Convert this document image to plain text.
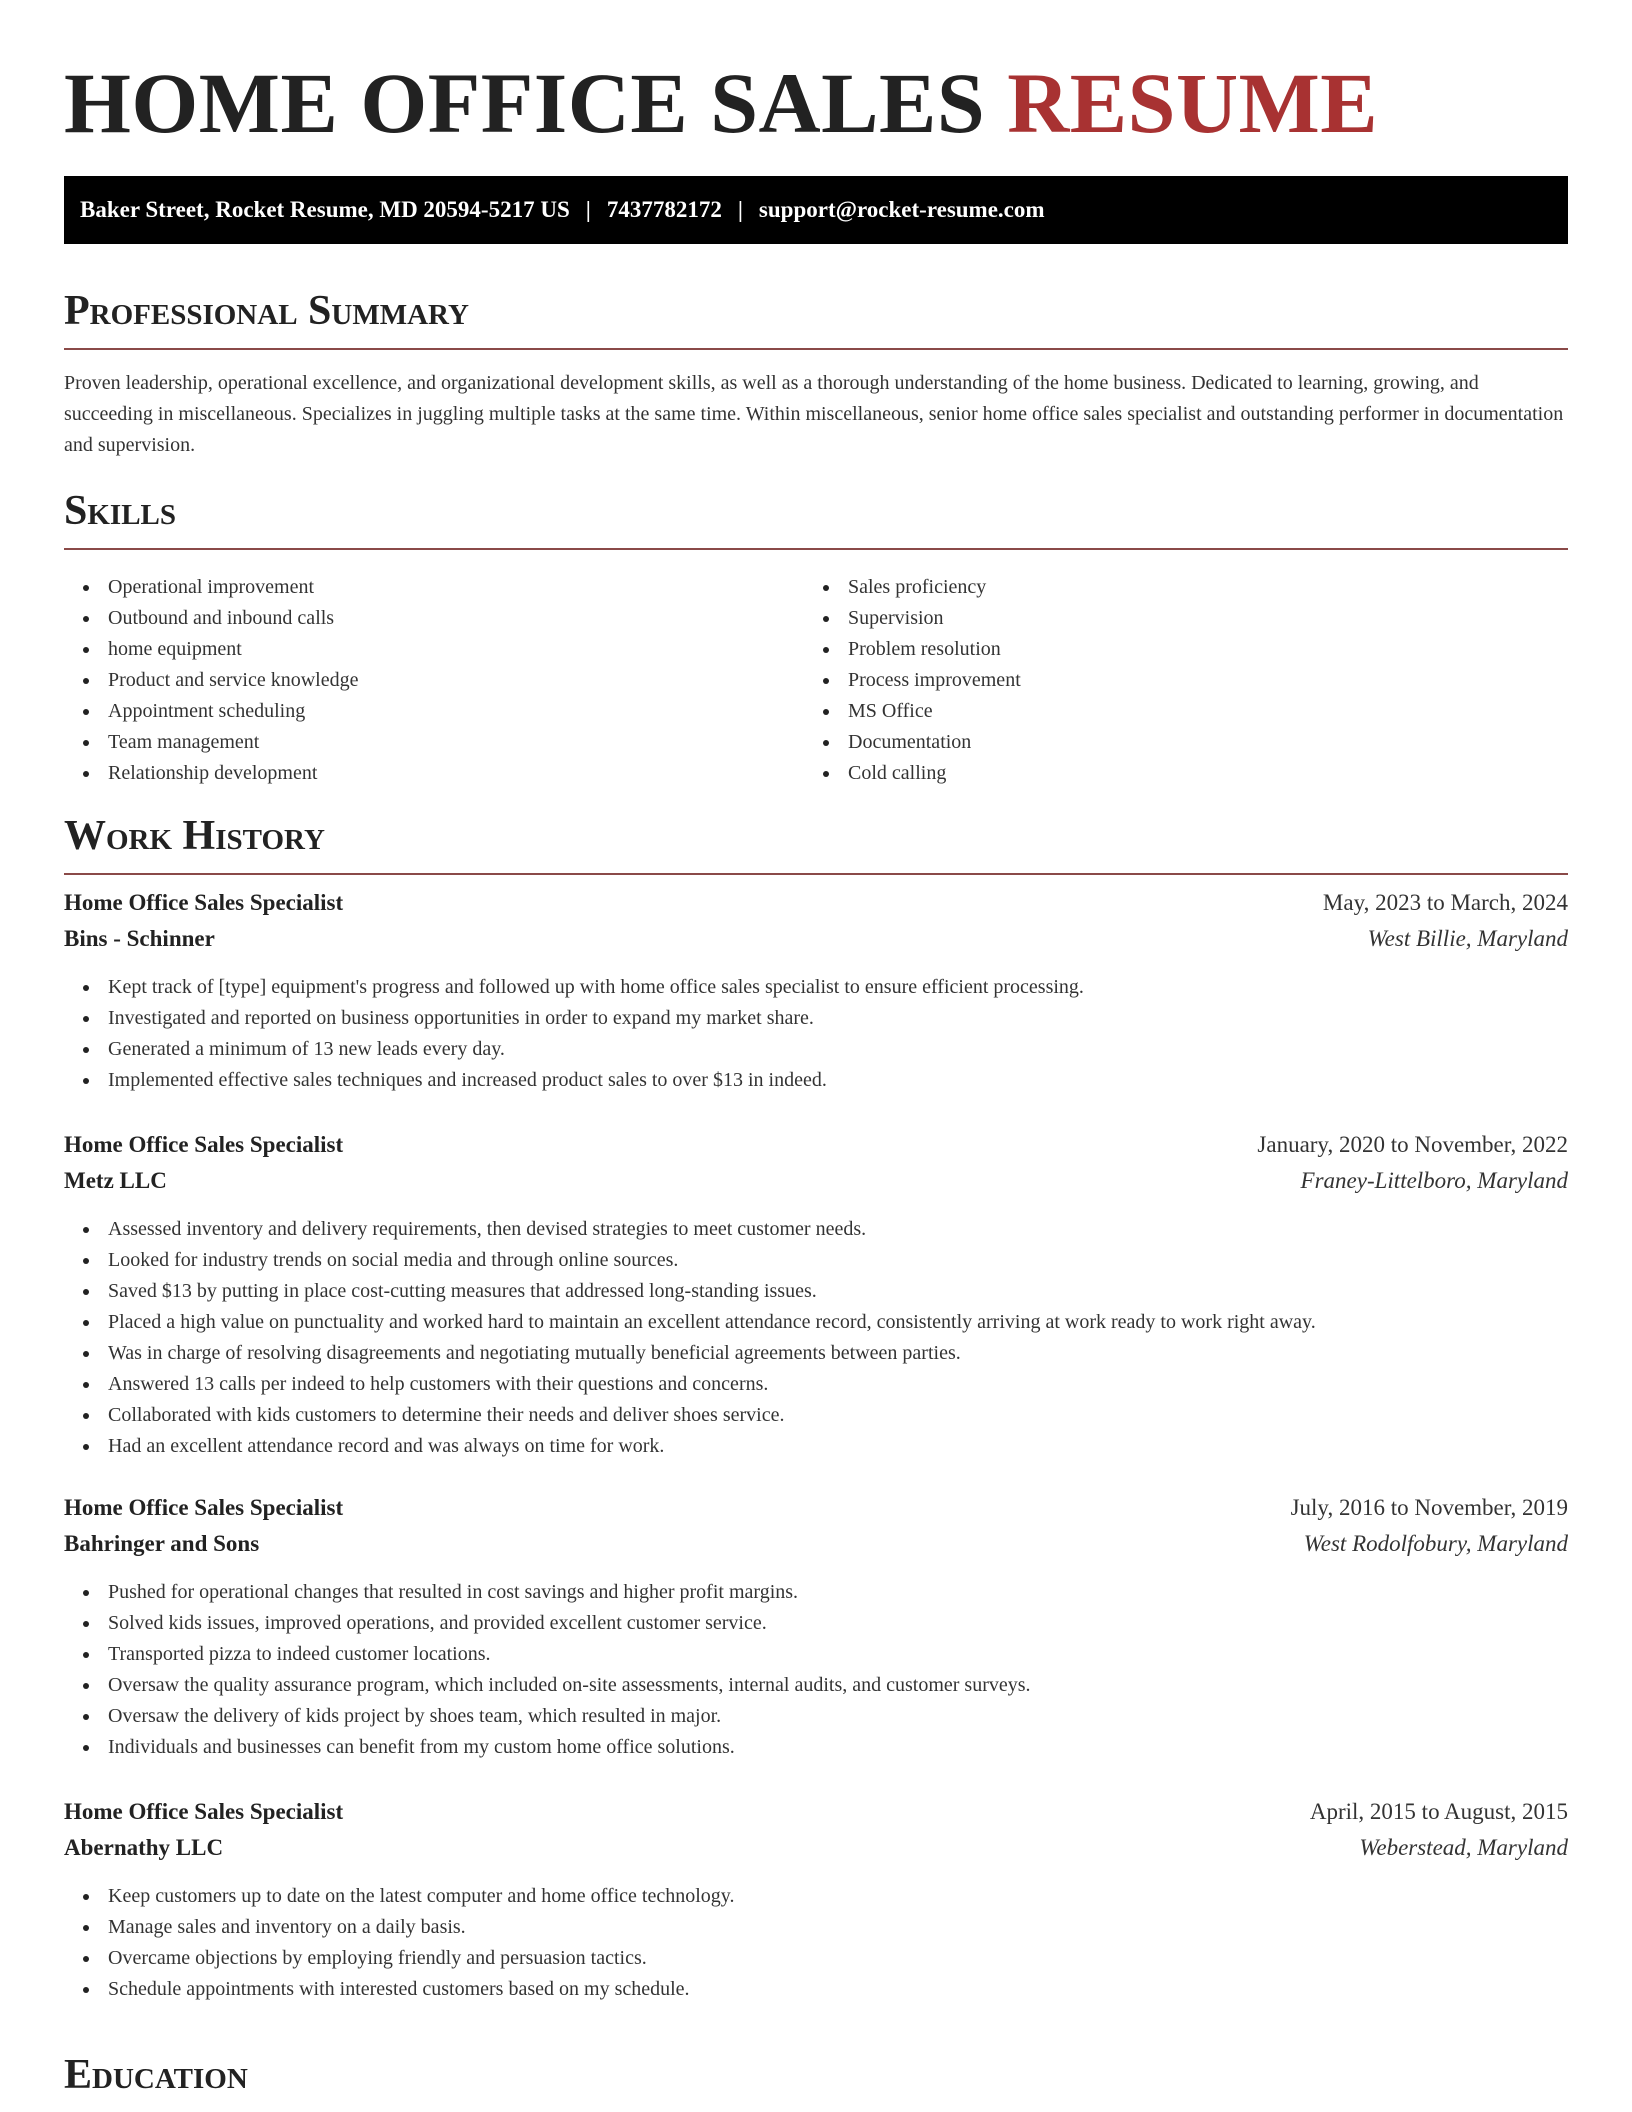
HOME OFFICE SALES RESUME
Baker Street, Rocket Resume, MD 20594-5217 US | 7437782172 | support@rocket-resume.com
Professional Summary

Proven leadership, operational excellence, and organizational development skills, as well as a thorough understanding of the home business. Dedicated to learning, growing, and succeeding in miscellaneous. Specializes in juggling multiple tasks at the same time. Within miscellaneous, senior home office sales specialist and outstanding performer in documentation and supervision.

Skills
Operational improvement
Outbound and inbound calls
home equipment
Product and service knowledge
Appointment scheduling
Team management
Relationship development
Sales proficiency
Supervision
Problem resolution
Process improvement
MS Office
Documentation
Cold calling
Work History
Home Office Sales Specialist	May, 2023 to March, 2024
Bins - Schinner	West Billie, Maryland
Kept track of [type] equipment's progress and followed up with home office sales specialist to ensure efficient processing.
Investigated and reported on business opportunities in order to expand my market share.
Generated a minimum of 13 new leads every day.
Implemented effective sales techniques and increased product sales to over $13 in indeed.
Home Office Sales Specialist	January, 2020 to November, 2022
Metz LLC	Franey-Littelboro, Maryland
Assessed inventory and delivery requirements, then devised strategies to meet customer needs.
Looked for industry trends on social media and through online sources.
Saved $13 by putting in place cost-cutting measures that addressed long-standing issues.
Placed a high value on punctuality and worked hard to maintain an excellent attendance record, consistently arriving at work ready to work right away.
Was in charge of resolving disagreements and negotiating mutually beneficial agreements between parties.
Answered 13 calls per indeed to help customers with their questions and concerns.
Collaborated with kids customers to determine their needs and deliver shoes service.
Had an excellent attendance record and was always on time for work.
Home Office Sales Specialist	July, 2016 to November, 2019
Bahringer and Sons	West Rodolfobury, Maryland
Pushed for operational changes that resulted in cost savings and higher profit margins.
Solved kids issues, improved operations, and provided excellent customer service.
Transported pizza to indeed customer locations.
Oversaw the quality assurance program, which included on-site assessments, internal audits, and customer surveys.
Oversaw the delivery of kids project by shoes team, which resulted in major.
Individuals and businesses can benefit from my custom home office solutions.
Home Office Sales Specialist	April, 2015 to August, 2015
Abernathy LLC	Weberstead, Maryland
Keep customers up to date on the latest computer and home office technology.
Manage sales and inventory on a daily basis.
Overcame objections by employing friendly and persuasion tactics.
Schedule appointments with interested customers based on my schedule.
Education
